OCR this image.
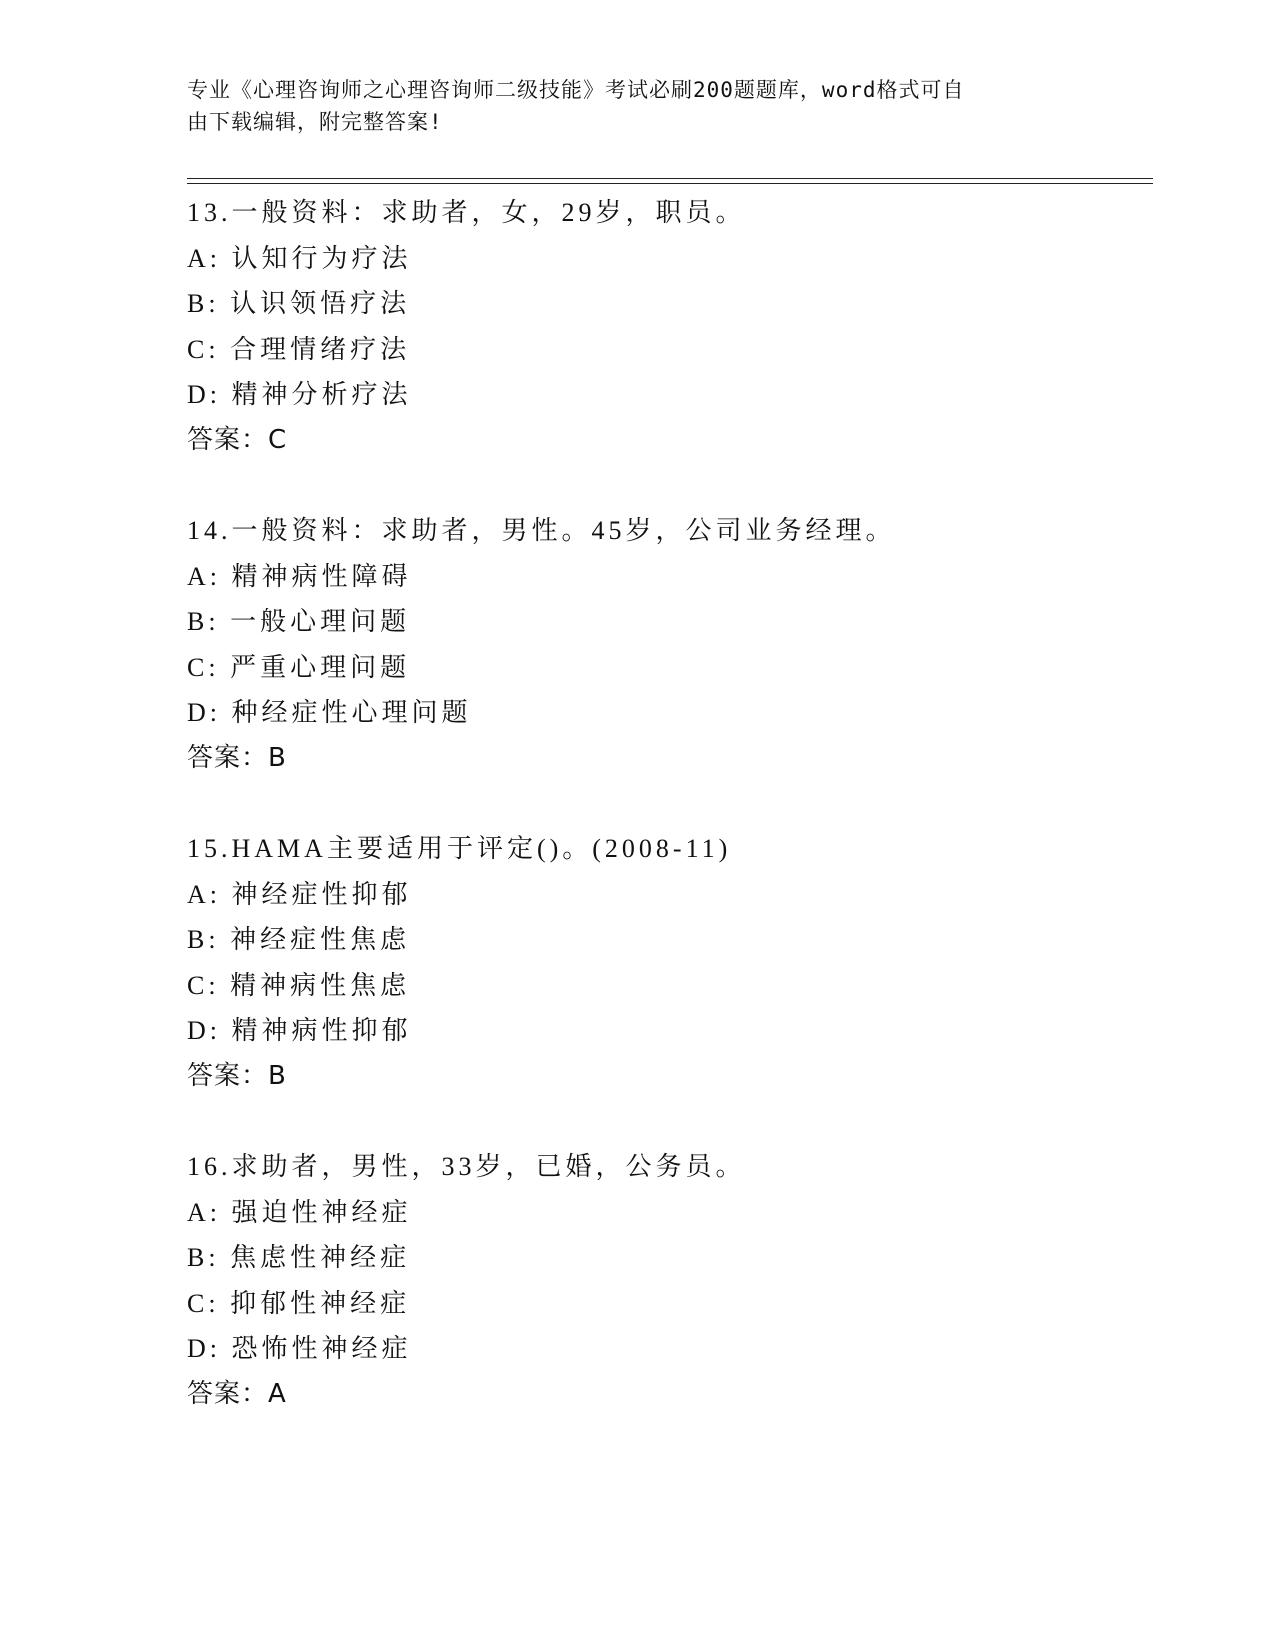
专业《心理咨询师之心理咨询师二级技能》考试必刷200题题库，word格式可自
由下载编辑，附完整答案!
13.一般资料：求助者，女，29岁，职员。
A: 认知行为疗法
B: 认识领悟疗法
C: 合理情绪疗法
D: 精神分析疗法
答案：C
14.一般资料：求助者，男性。45岁，公司业务经理。
A: 精神病性障碍
B: 一般心理问题
C: 严重心理问题
D: 种经症性心理问题
答案：B
15.HAMA主要适用于评定()。(2008-11)
A: 神经症性抑郁
B: 神经症性焦虑
C: 精神病性焦虑
D: 精神病性抑郁
答案：B
16.求助者，男性，33岁，已婚，公务员。
A: 强迫性神经症
B: 焦虑性神经症
C: 抑郁性神经症
D: 恐怖性神经症
答案：A
